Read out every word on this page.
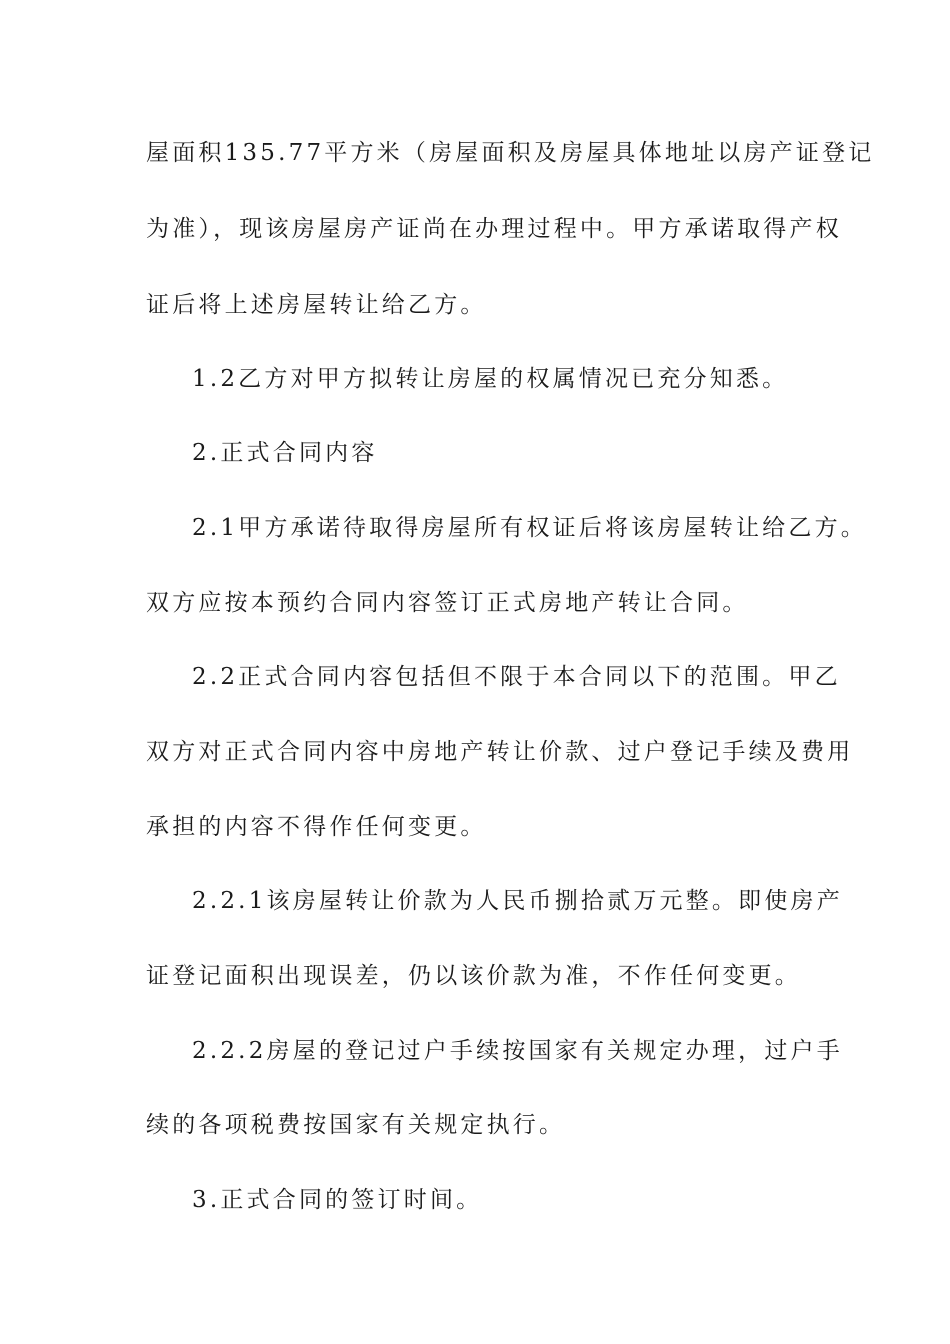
屋面积135.77平方米（房屋面积及房屋具体地址以房产证登记
为准），现该房屋房产证尚在办理过程中。甲方承诺取得产权
证后将上述房屋转让给乙方。
1.2乙方对甲方拟转让房屋的权属情况已充分知悉。
2.正式合同内容
2.1甲方承诺待取得房屋所有权证后将该房屋转让给乙方。
双方应按本预约合同内容签订正式房地产转让合同。
2.2正式合同内容包括但不限于本合同以下的范围。甲乙
双方对正式合同内容中房地产转让价款、过户登记手续及费用
承担的内容不得作任何变更。
2.2.1该房屋转让价款为人民币捌拾贰万元整。即使房产
证登记面积出现误差，仍以该价款为准，不作任何变更。
2.2.2房屋的登记过户手续按国家有关规定办理，过户手
续的各项税费按国家有关规定执行。
3.正式合同的签订时间。
